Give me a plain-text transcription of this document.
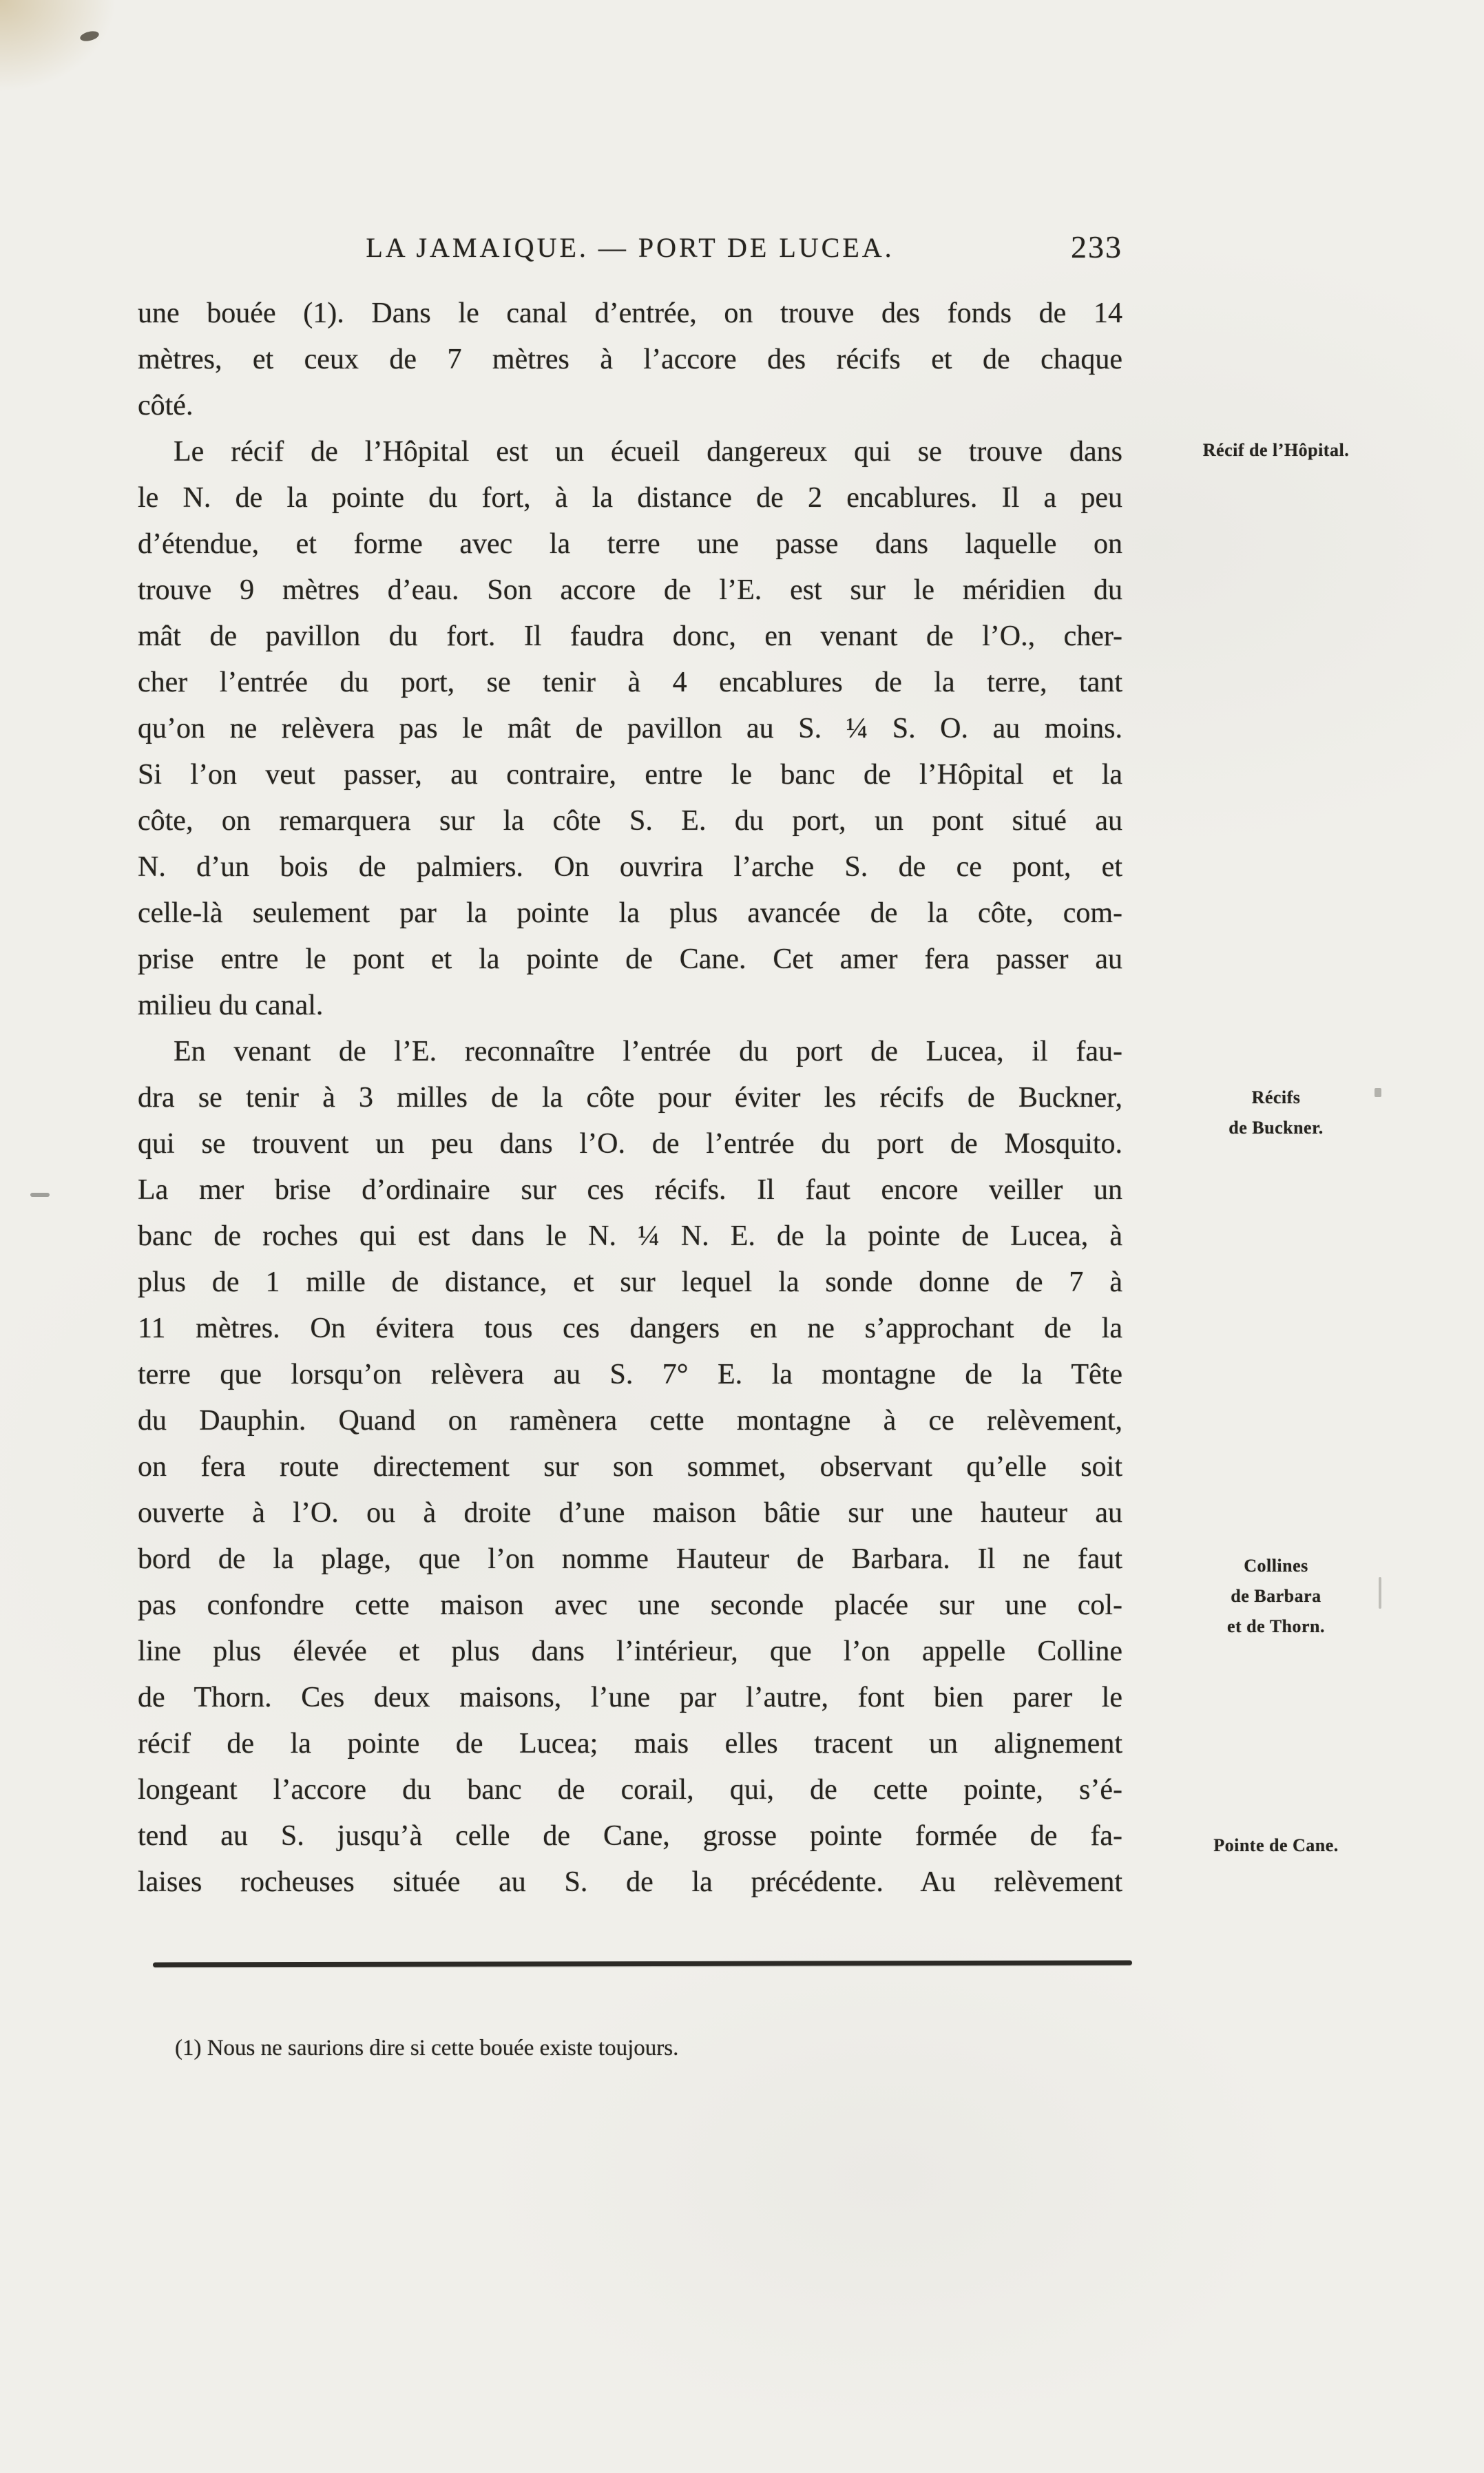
LA JAMAIQUE. — PORT DE LUCEA.	233
une bouée (1). Dans le canal d’entrée, on trouve des fonds de 14
mètres, et ceux de 7 mètres à l’accore des récifs et de chaque
côté.
Le récif de l’Hôpital est un écueil dangereux qui se trouve dans
le N. de la pointe du fort, à la distance de 2 encablures. Il a peu
d’étendue, et forme avec la terre une passe dans laquelle on
trouve 9 mètres d’eau. Son accore de l’E. est sur le méridien du
mât de pavillon du fort. Il faudra donc, en venant de l’O., cher-
cher l’entrée du port, se tenir à 4 encablures de la terre, tant
qu’on ne relèvera pas le mât de pavillon au S. ¼ S. O. au moins.
Si l’on veut passer, au contraire, entre le banc de l’Hôpital et la
côte, on remarquera sur la côte S. E. du port, un pont situé au
N. d’un bois de palmiers. On ouvrira l’arche S. de ce pont, et
celle-là seulement par la pointe la plus avancée de la côte, com-
prise entre le pont et la pointe de Cane. Cet amer fera passer au
milieu du canal.
En venant de l’E. reconnaître l’entrée du port de Lucea, il fau-
dra se tenir à 3 milles de la côte pour éviter les récifs de Buckner,
qui se trouvent un peu dans l’O. de l’entrée du port de Mosquito.
La mer brise d’ordinaire sur ces récifs. Il faut encore veiller un
banc de roches qui est dans le N. ¼ N. E. de la pointe de Lucea, à
plus de 1 mille de distance, et sur lequel la sonde donne de 7 à
11 mètres. On évitera tous ces dangers en ne s’approchant de la
terre que lorsqu’on relèvera au S. 7° E. la montagne de la Tête
du Dauphin. Quand on ramènera cette montagne à ce relèvement,
on fera route directement sur son sommet, observant qu’elle soit
ouverte à l’O. ou à droite d’une maison bâtie sur une hauteur au
bord de la plage, que l’on nomme Hauteur de Barbara. Il ne faut
pas confondre cette maison avec une seconde placée sur une col-
line plus élevée et plus dans l’intérieur, que l’on appelle Colline
de Thorn. Ces deux maisons, l’une par l’autre, font bien parer le
récif de la pointe de Lucea; mais elles tracent un alignement
longeant l’accore du banc de corail, qui, de cette pointe, s’é-
tend au S. jusqu’à celle de Cane, grosse pointe formée de fa-
laises rocheuses située au S. de la précédente. Au relèvement
Récif de l’Hôpital.
Récifs
de Buckner.
Collines
de Barbara
et de Thorn.
Pointe de Cane.
(1) Nous ne saurions dire si cette bouée existe toujours.
